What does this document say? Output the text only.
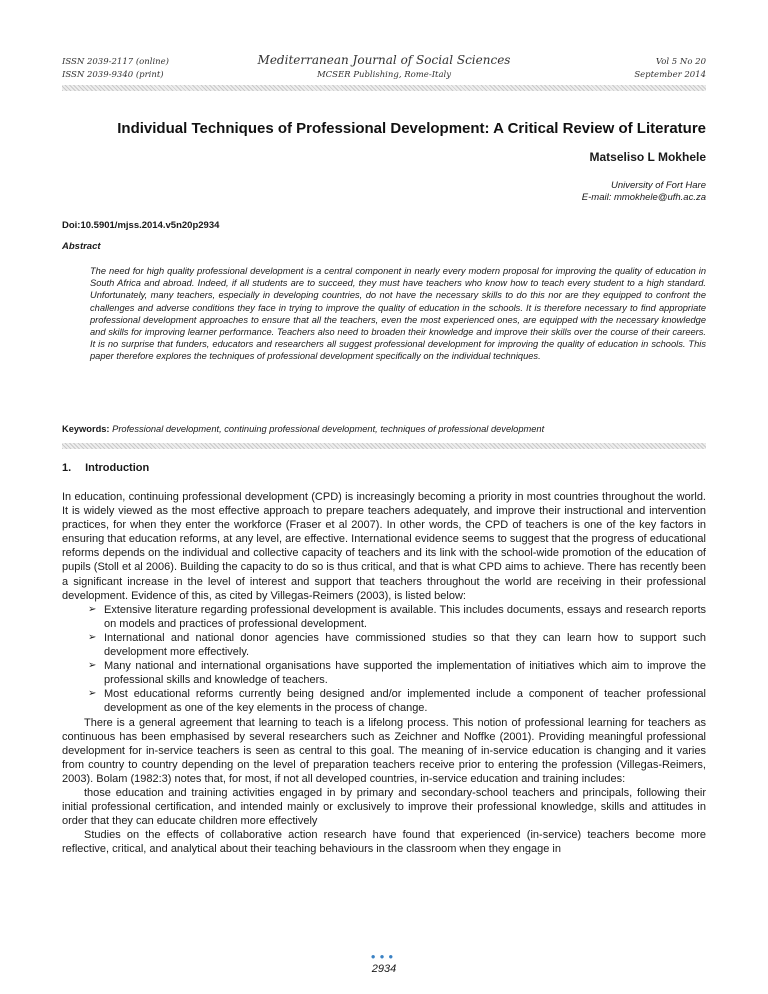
ISSN 2039-2117 (online)
ISSN 2039-9340 (print)
Mediterranean Journal of Social Sciences
MCSER Publishing, Rome-Italy
Vol 5 No 20
September 2014
Individual Techniques of Professional Development: A Critical Review of Literature
Matseliso L Mokhele
University of Fort Hare
E-mail: mmokhele@ufh.ac.za
Doi:10.5901/mjss.2014.v5n20p2934
Abstract
The need for high quality professional development is a central component in nearly every modern proposal for improving the quality of education in South Africa and abroad. Indeed, if all students are to succeed, they must have teachers who know how to teach every student to a high standard. Unfortunately, many teachers, especially in developing countries, do not have the necessary skills to do this nor are they equipped to confront the challenges and adverse conditions they face in trying to improve the quality of education in the schools. It is therefore necessary to find appropriate professional development approaches to ensure that all the teachers, even the most experienced ones, are equipped with the necessary knowledge and skills for improving learner performance. Teachers also need to broaden their knowledge and improve their skills over the course of their careers. It is no surprise that funders, educators and researchers all suggest professional development for improving the quality of education in schools. This paper therefore explores the techniques of professional development specifically on the individual techniques.
Keywords: Professional development, continuing professional development, techniques of professional development
1. Introduction

In education, continuing professional development (CPD) is increasingly becoming a priority in most countries throughout the world. It is widely viewed as the most effective approach to prepare teachers adequately, and improve their instructional and intervention practices, for when they enter the workforce (Fraser et al 2007). In other words, the CPD of teachers is one of the key factors in ensuring that education reforms, at any level, are effective. International evidence seems to suggest that the progress of educational reforms depends on the individual and collective capacity of teachers and its link with the school-wide promotion of the education of pupils (Stoll et al 2006). Building the capacity to do so is thus critical, and that is what CPD aims to achieve. There has recently been a significant increase in the level of interest and support that teachers throughout the world are receiving in their professional development. Evidence of this, as cited by Villegas-Reimers (2003), is listed below:

➢ Extensive literature regarding professional development is available. This includes documents, essays and research reports on models and practices of professional development.
➢ International and national donor agencies have commissioned studies so that they can learn how to support such development more effectively.
➢ Many national and international organisations have supported the implementation of initiatives which aim to improve the professional skills and knowledge of teachers.
➢ Most educational reforms currently being designed and/or implemented include a component of teacher professional development as one of the key elements in the process of change.

There is a general agreement that learning to teach is a lifelong process. This notion of professional learning for teachers as continuous has been emphasised by several researchers such as Zeichner and Noffke (2001). Providing meaningful professional development for in-service teachers is seen as central to this goal. The meaning of in-service education is changing and it varies from country to country depending on the level of preparation teachers receive prior to entering the profession (Villegas-Reimers, 2003). Bolam (1982:3) notes that, for most, if not all developed countries, in-service education and training includes:

those education and training activities engaged in by primary and secondary-school teachers and principals, following their initial professional certification, and intended mainly or exclusively to improve their professional knowledge, skills and attitudes in order that they can educate children more effectively

Studies on the effects of collaborative action research have found that experienced (in-service) teachers become more reflective, critical, and analytical about their teaching behaviours in the classroom when they engage in

●●●
2934
